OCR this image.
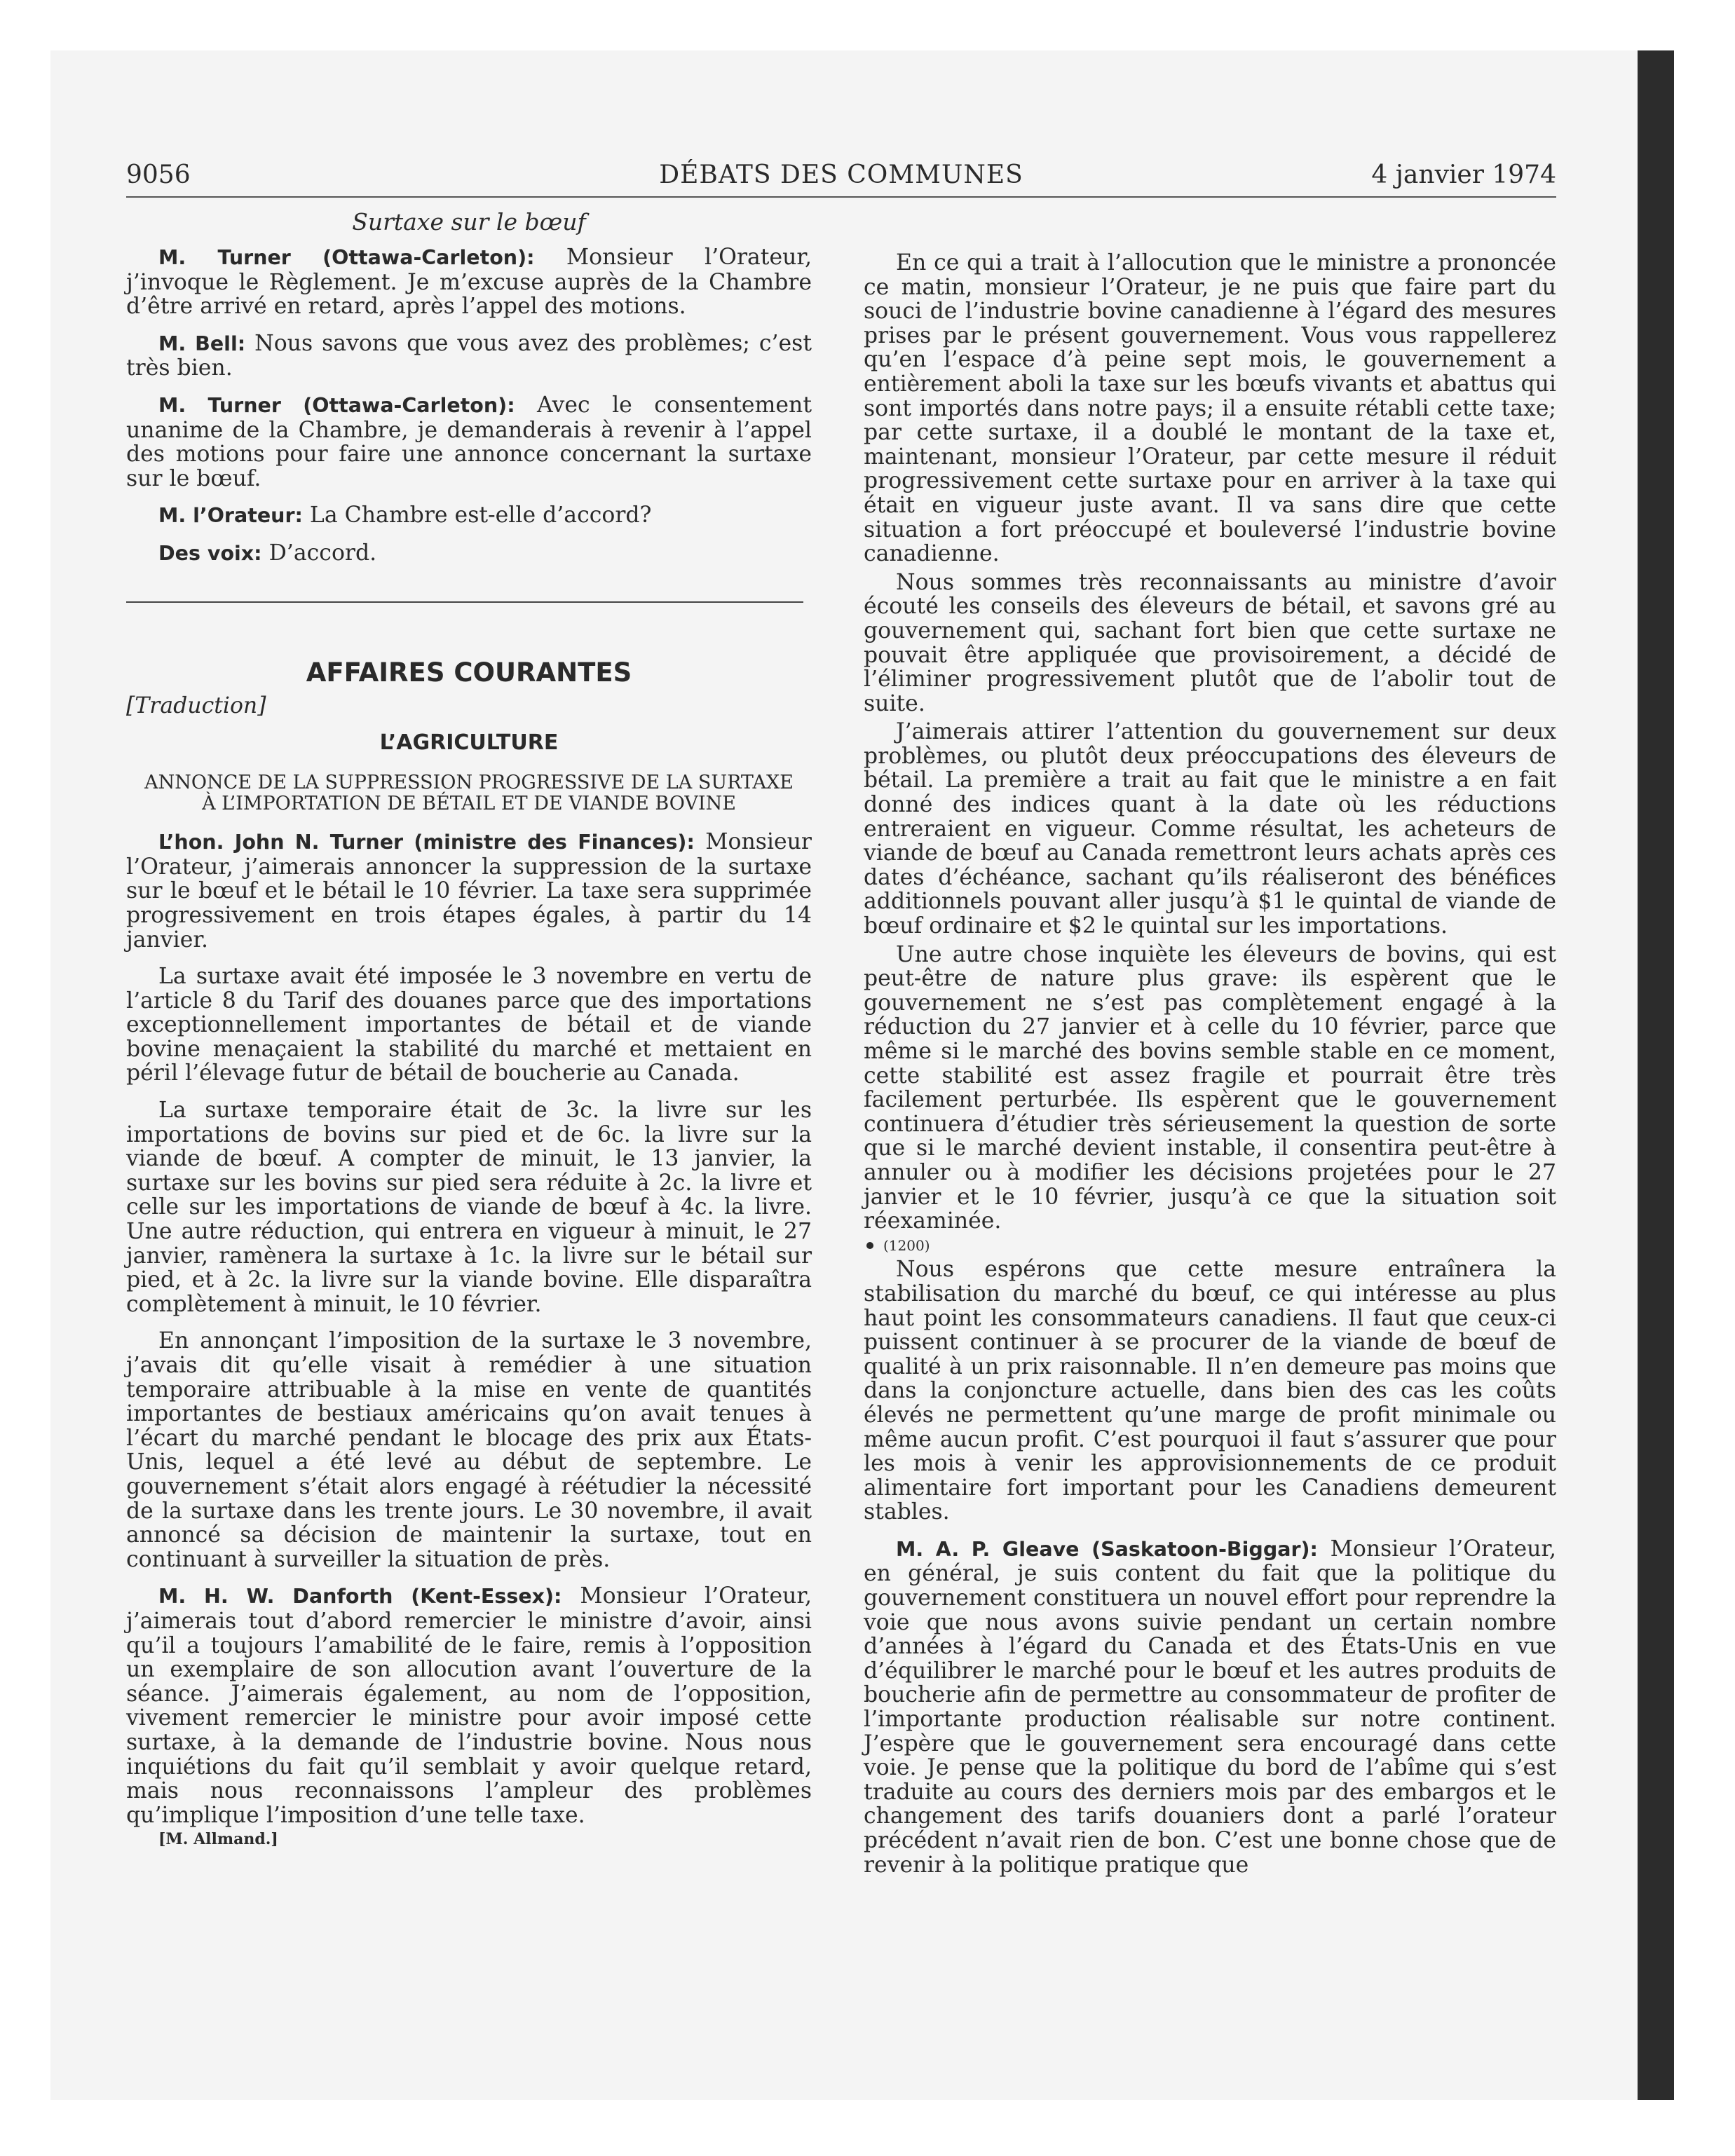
9056	DÉBATS DES COMMUNES	4 janvier 1974
Surtaxe sur le bœuf

M. Turner (Ottawa-Carleton): Monsieur l’Orateur, j’invoque le Règlement. Je m’excuse auprès de la Chambre d’être arrivé en retard, après l’appel des motions.

M. Bell: Nous savons que vous avez des problèmes; c’est très bien.

M. Turner (Ottawa-Carleton): Avec le consentement unanime de la Chambre, je demanderais à revenir à l’appel des motions pour faire une annonce concernant la surtaxe sur le bœuf.

M. l’Orateur: La Chambre est-elle d’accord?

Des voix: D’accord.

AFFAIRES COURANTES
[Traduction]
L’AGRICULTURE
ANNONCE DE LA SUPPRESSION PROGRESSIVE DE LA SURTAXE À L’IMPORTATION DE BÉTAIL ET DE VIANDE BOVINE

L’hon. John N. Turner (ministre des Finances): Monsieur l’Orateur, j’aimerais annoncer la suppression de la surtaxe sur le bœuf et le bétail le 10 février. La taxe sera supprimée progressivement en trois étapes égales, à partir du 14 janvier.

La surtaxe avait été imposée le 3 novembre en vertu de l’article 8 du Tarif des douanes parce que des importations exceptionnellement importantes de bétail et de viande bovine menaçaient la stabilité du marché et mettaient en péril l’élevage futur de bétail de boucherie au Canada.

La surtaxe temporaire était de 3c. la livre sur les importations de bovins sur pied et de 6c. la livre sur la viande de bœuf. A compter de minuit, le 13 janvier, la surtaxe sur les bovins sur pied sera réduite à 2c. la livre et celle sur les importations de viande de bœuf à 4c. la livre. Une autre réduction, qui entrera en vigueur à minuit, le 27 janvier, ramènera la surtaxe à 1c. la livre sur le bétail sur pied, et à 2c. la livre sur la viande bovine. Elle disparaîtra complètement à minuit, le 10 février.

En annonçant l’imposition de la surtaxe le 3 novembre, j’avais dit qu’elle visait à remédier à une situation temporaire attribuable à la mise en vente de quantités importantes de bestiaux américains qu’on avait tenues à l’écart du marché pendant le blocage des prix aux États-Unis, lequel a été levé au début de septembre. Le gouvernement s’était alors engagé à réétudier la nécessité de la surtaxe dans les trente jours. Le 30 novembre, il avait annoncé sa décision de maintenir la surtaxe, tout en continuant à surveiller la situation de près.

M. H. W. Danforth (Kent-Essex): Monsieur l’Orateur, j’aimerais tout d’abord remercier le ministre d’avoir, ainsi qu’il a toujours l’amabilité de le faire, remis à l’opposition un exemplaire de son allocution avant l’ouverture de la séance. J’aimerais également, au nom de l’opposition, vivement remercier le ministre pour avoir imposé cette surtaxe, à la demande de l’industrie bovine. Nous nous inquiétions du fait qu’il semblait y avoir quelque retard, mais nous reconnaissons l’ampleur des problèmes qu’implique l’imposition d’une telle taxe.

[M. Allmand.]

En ce qui a trait à l’allocution que le ministre a prononcée ce matin, monsieur l’Orateur, je ne puis que faire part du souci de l’industrie bovine canadienne à l’égard des mesures prises par le présent gouvernement. Vous vous rappellerez qu’en l’espace d’à peine sept mois, le gouvernement a entièrement aboli la taxe sur les bœufs vivants et abattus qui sont importés dans notre pays; il a ensuite rétabli cette taxe; par cette surtaxe, il a doublé le montant de la taxe et, maintenant, monsieur l’Orateur, par cette mesure il réduit progressivement cette surtaxe pour en arriver à la taxe qui était en vigueur juste avant. Il va sans dire que cette situation a fort préoccupé et bouleversé l’industrie bovine canadienne.

Nous sommes très reconnaissants au ministre d’avoir écouté les conseils des éleveurs de bétail, et savons gré au gouvernement qui, sachant fort bien que cette surtaxe ne pouvait être appliquée que provisoirement, a décidé de l’éliminer progressivement plutôt que de l’abolir tout de suite.

J’aimerais attirer l’attention du gouvernement sur deux problèmes, ou plutôt deux préoccupations des éleveurs de bétail. La première a trait au fait que le ministre a en fait donné des indices quant à la date où les réductions entreraient en vigueur. Comme résultat, les acheteurs de viande de bœuf au Canada remettront leurs achats après ces dates d’échéance, sachant qu’ils réaliseront des bénéfices additionnels pouvant aller jusqu’à $1 le quintal de viande de bœuf ordinaire et $2 le quintal sur les importations.

Une autre chose inquiète les éleveurs de bovins, qui est peut-être de nature plus grave: ils espèrent que le gouvernement ne s’est pas complètement engagé à la réduction du 27 janvier et à celle du 10 février, parce que même si le marché des bovins semble stable en ce moment, cette stabilité est assez fragile et pourrait être très facilement perturbée. Ils espèrent que le gouvernement continuera d’étudier très sérieusement la question de sorte que si le marché devient instable, il consentira peut-être à annuler ou à modifier les décisions projetées pour le 27 janvier et le 10 février, jusqu’à ce que la situation soit réexaminée.

(1200)

Nous espérons que cette mesure entraînera la stabilisation du marché du bœuf, ce qui intéresse au plus haut point les consommateurs canadiens. Il faut que ceux-ci puissent continuer à se procurer de la viande de bœuf de qualité à un prix raisonnable. Il n’en demeure pas moins que dans la conjoncture actuelle, dans bien des cas les coûts élevés ne permettent qu’une marge de profit minimale ou même aucun profit. C’est pourquoi il faut s’assurer que pour les mois à venir les approvisionnements de ce produit alimentaire fort important pour les Canadiens demeurent stables.

M. A. P. Gleave (Saskatoon-Biggar): Monsieur l’Orateur, en général, je suis content du fait que la politique du gouvernement constituera un nouvel effort pour reprendre la voie que nous avons suivie pendant un certain nombre d’années à l’égard du Canada et des États-Unis en vue d’équilibrer le marché pour le bœuf et les autres produits de boucherie afin de permettre au consommateur de profiter de l’importante production réalisable sur notre continent. J’espère que le gouvernement sera encouragé dans cette voie. Je pense que la politique du bord de l’abîme qui s’est traduite au cours des derniers mois par des embargos et le changement des tarifs douaniers dont a parlé l’orateur précédent n’avait rien de bon. C’est une bonne chose que de revenir à la politique pratique que
